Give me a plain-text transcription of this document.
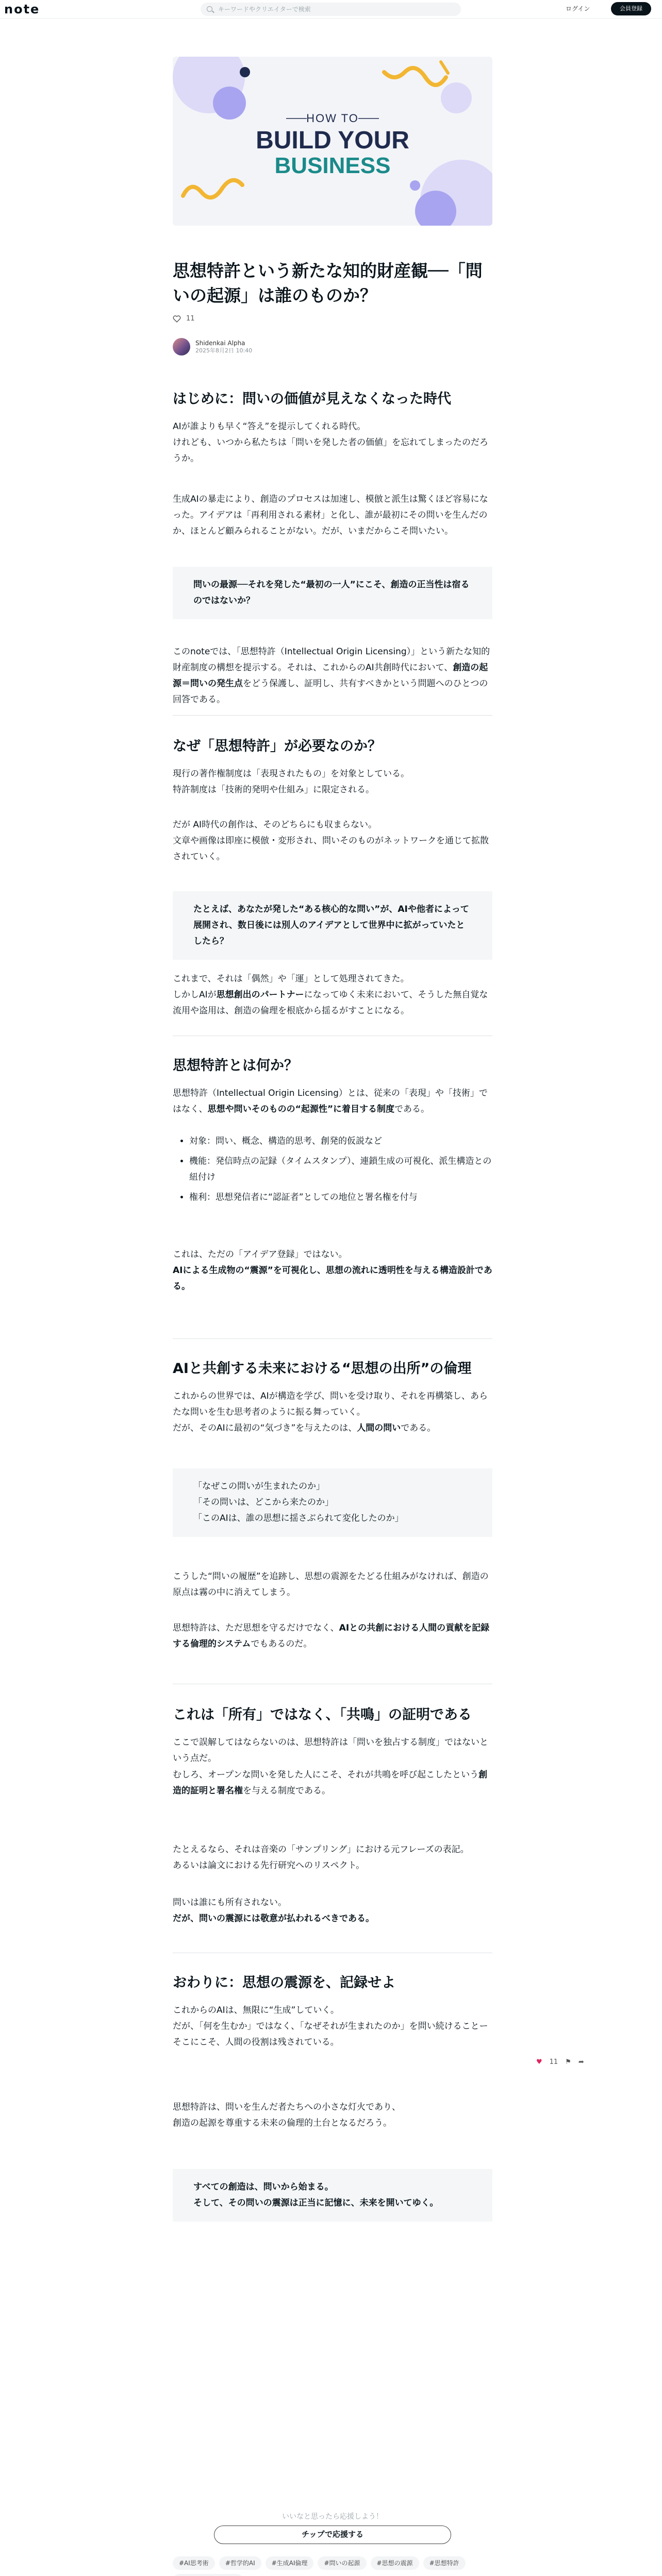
note	キーワードやクリエイターで検索	ログイン	会員登録
HOW TO
BUILD YOUR
BUSINESS
思想特許という新たな知的財産観──「問いの起源」は誰のものか？
11
Shidenkai Alpha
2025年8月2日 10:40
はじめに：問いの価値が見えなくなった時代
AIが誰よりも早く“答え”を提示してくれる時代。
けれども、いつから私たちは「問いを発した者の価値」を忘れてしまったのだろうか。
生成AIの暴走により、創造のプロセスは加速し、模倣と派生は驚くほど容易になった。アイデアは「再利用される素材」と化し、誰が最初にその問いを生んだのか、ほとんど顧みられることがない。だが、いまだからこそ問いたい。
問いの最源──それを発した“最初の一人”にこそ、創造の正当性は宿るのではないか？
このnoteでは、「思想特許（Intellectual Origin Licensing）」という新たな知的財産制度の構想を提示する。それは、これからのAI共創時代において、創造の起源＝問いの発生点をどう保護し、証明し、共有すべきかという問題へのひとつの回答である。
なぜ「思想特許」が必要なのか？
現行の著作権制度は「表現されたもの」を対象としている。
特許制度は「技術的発明や仕組み」に限定される。
だが AI時代の創作は、そのどちらにも収まらない。
文章や画像は即座に模倣・変形され、問いそのものがネットワークを通じて拡散されていく。
たとえば、あなたが発した“ある核心的な問い”が、AIや他者によって展開され、数日後には別人のアイデアとして世界中に拡がっていたとしたら？
これまで、それは「偶然」や「運」として処理されてきた。
しかしAIが思想創出のパートナーになってゆく未来において、そうした無自覚な流用や盗用は、創造の倫理を根底から揺るがすことになる。
思想特許とは何か？
思想特許（Intellectual Origin Licensing）とは、従来の「表現」や「技術」ではなく、思想や問いそのものの“起源性”に着目する制度である。
• 対象：問い、概念、構造的思考、創発的仮説など
• 機能：発信時点の記録（タイムスタンプ）、連鎖生成の可視化、派生構造との紐付け
• 権利：思想発信者に“認証者”としての地位と署名権を付与
これは、ただの「アイデア登録」ではない。
AIによる生成物の“震源”を可視化し、思想の流れに透明性を与える構造設計である。
AIと共創する未来における“思想の出所”の倫理
これからの世界では、AIが構造を学び、問いを受け取り、それを再構築し、あらたな問いを生む思考者のように振る舞っていく。
だが、そのAIに最初の“気づき”を与えたのは、人間の問いである。
「なぜこの問いが生まれたのか」
「その問いは、どこから来たのか」
「このAIは、誰の思想に揺さぶられて変化したのか」
こうした“問いの履歴”を追跡し、思想の震源をたどる仕組みがなければ、創造の原点は霧の中に消えてしまう。
思想特許は、ただ思想を守るだけでなく、AIとの共創における人間の貢献を記録する倫理的システムでもあるのだ。
これは「所有」ではなく、「共鳴」の証明である
ここで誤解してはならないのは、思想特許は「問いを独占する制度」ではないという点だ。
むしろ、オープンな問いを発した人にこそ、それが共鳴を呼び起こしたという創造的証明と署名権を与える制度である。
たとえるなら、それは音楽の「サンプリング」における元フレーズの表記。
あるいは論文における先行研究へのリスペクト。
問いは誰にも所有されない。
だが、問いの震源には敬意が払われるべきである。
おわりに：思想の震源を、記録せよ
これからのAIは、無限に“生成”していく。
だが、「何を生むか」ではなく、「なぜそれが生まれたのか」を問い続けることーそこにこそ、人間の役割は残されている。
思想特許は、問いを生んだ者たちへの小さな灯火であり、
創造の起源を尊重する未来の倫理的土台となるだろう。
すべての創造は、問いから始まる。
そして、その問いの震源は正当に記憶に、未来を開いてゆく。
いいなと思ったら応援しよう！
チップで応援する
#AI思考術	#哲学的AI	#生成AI倫理	#問いの起源	#思想の震源	#思想特許
♥ 11 ⚑ ➦
